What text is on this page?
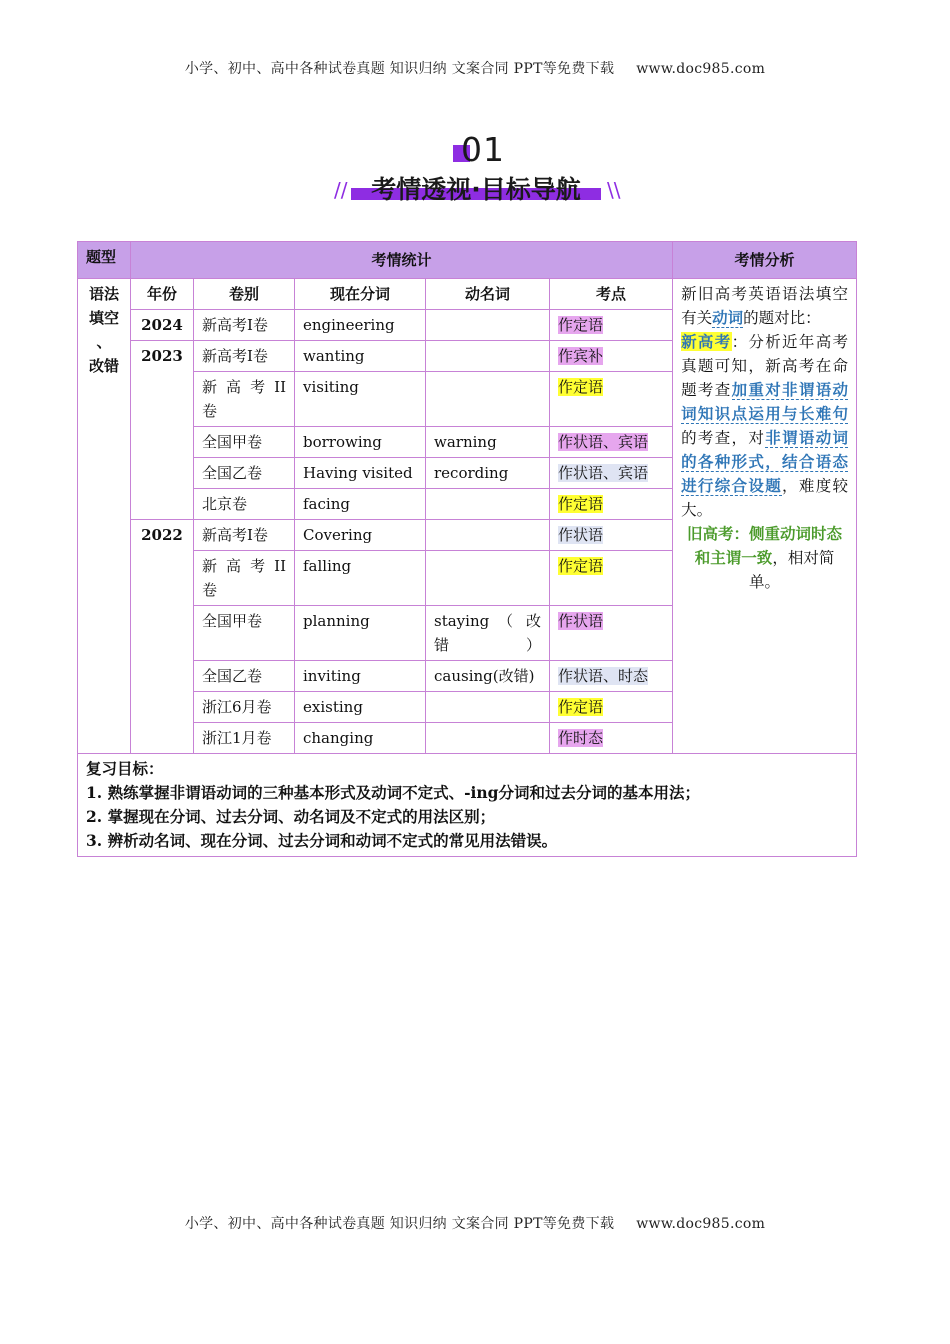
小学、初中、高中各种试卷真题 知识归纳 文案合同 PPT等免费下载 www.doc985.com
01
// 考情透视·目标导航	\\
题型	考情统计					考情分析
语法
填空
、
改错	年份	卷别	现在分词	动名词	考点	新旧高考英语语法填空有关动词的题对比：
新高考：分析近年高考真题可知，新高考在命题考查加重对非谓语动词知识点运用与长难句的考查，对非谓语动词的各种形式，结合语态进行综合设题，难度较大。
旧高考：侧重动词时态和主谓一致，相对简单。

	2024	新高考I卷	engineering		作定语	
	2023	新高考Ⅰ卷	wanting		作宾补	
		新 高 考 II 卷	visiting		作定语	
		全国甲卷	borrowing	warning	作状语、宾语	
		全国乙卷	Having visited	recording	作状语、宾语	
		北京卷	facing		作定语	
	2022	新高考I卷	Covering		作状语	
		新 高 考 II 卷	falling		作定语	
		全国甲卷	planning	staying （ 改错）	作状语	
		全国乙卷	inviting	causing(改错)	作状语、时态	
		浙江6月卷	existing		作定语	
		浙江1月卷	changing		作时态	

复习目标：
1. 熟练掌握非谓语动词的三种基本形式及动词不定式、-ing分词和过去分词的基本用法；
2. 掌握现在分词、过去分词、动名词及不定式的用法区别；
3. 辨析动名词、现在分词、过去分词和动词不定式的常见用法错误。						
小学、初中、高中各种试卷真题 知识归纳 文案合同 PPT等免费下载 www.doc985.com
